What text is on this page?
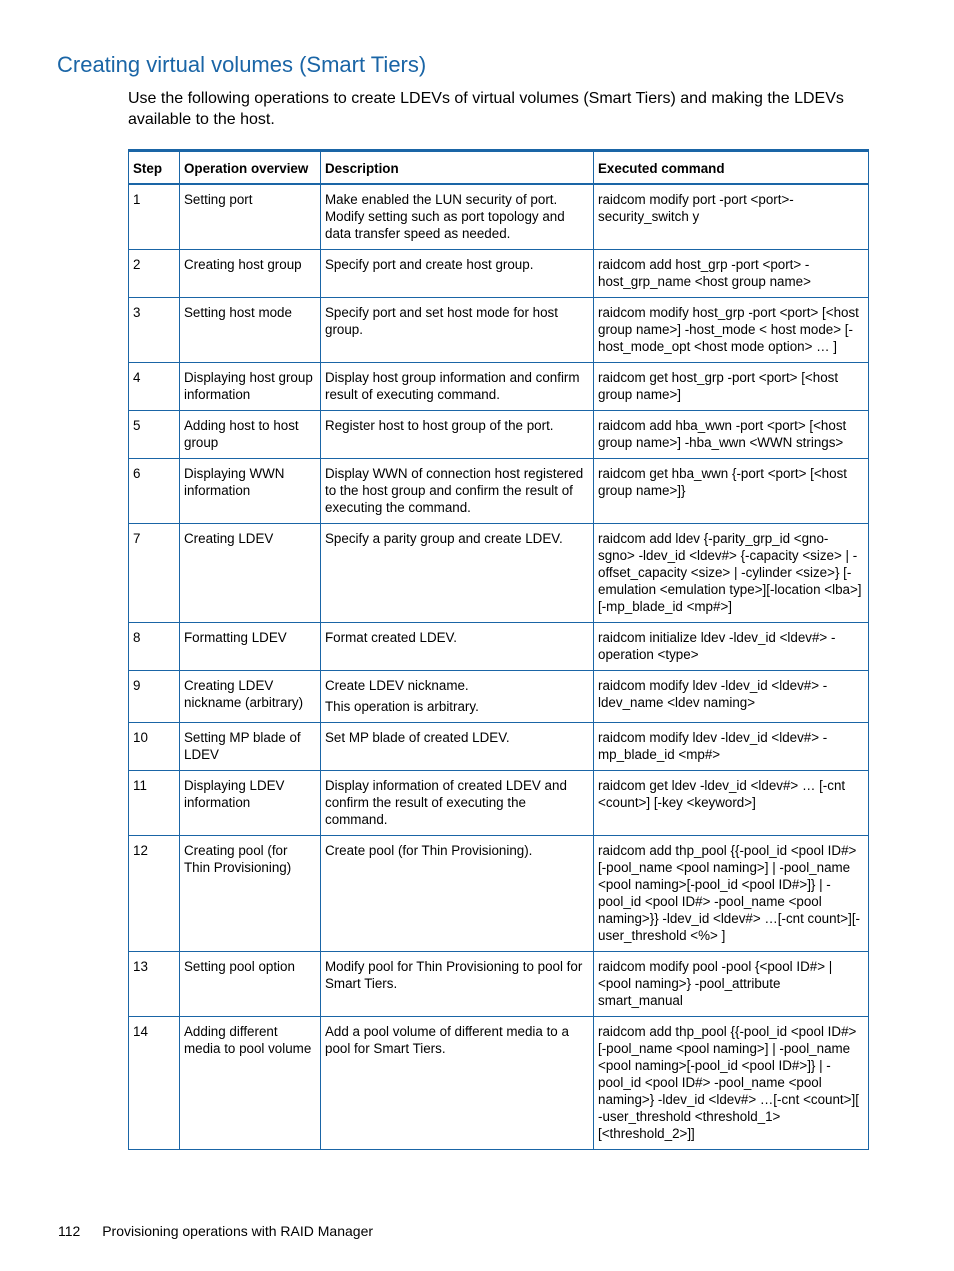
Creating virtual volumes (Smart Tiers)

Use the following operations to create LDEVs of virtual volumes (Smart Tiers) and making the LDEVs available to the host.

Step	Operation overview	Description	Executed command
1	Setting port	Make enabled the LUN security of port. Modify setting such as port topology and data transfer speed as needed.	raidcom modify port -port <port>-security_switch y
2	Creating host group	Specify port and create host group.	raidcom add host_grp -port <port> -host_grp_name <host group name>
3	Setting host mode	Specify port and set host mode for host group.	raidcom modify host_grp -port <port> [<host group name>] -host_mode < host mode> [-host_mode_opt <host mode option> … ]
4	Displaying host group information	Display host group information and confirm result of executing command.	raidcom get host_grp -port <port> [<host group name>]
5	Adding host to host group	Register host to host group of the port.	raidcom add hba_wwn -port <port> [<host group name>] -hba_wwn <WWN strings>
6	Displaying WWN information	Display WWN of connection host registered to the host group and confirm the result of executing the command.	raidcom get hba_wwn {-port <port> [<host group name>]}
7	Creating LDEV	Specify a parity group and create LDEV.	raidcom add ldev {-parity_grp_id <gno-sgno> -ldev_id <ldev#> {-capacity <size> | -offset_capacity <size> | -cylinder <size>} [-emulation <emulation type>][-location <lba>][-mp_blade_id <mp#>]
8	Formatting LDEV	Format created LDEV.	raidcom initialize ldev -ldev_id <ldev#> -operation <type>
9	Creating LDEV nickname (arbitrary)	Create LDEV nickname.
This operation is arbitrary.	raidcom modify ldev -ldev_id <ldev#> -ldev_name <ldev naming>
10	Setting MP blade of LDEV	Set MP blade of created LDEV.	raidcom modify ldev -ldev_id <ldev#> -mp_blade_id <mp#>
11	Displaying LDEV information	Display information of created LDEV and confirm the result of executing the command.	raidcom get ldev -ldev_id <ldev#> … [-cnt <count>] [-key <keyword>]
12	Creating pool (for Thin Provisioning)	Create pool (for Thin Provisioning).	raidcom add thp_pool {{-pool_id <pool ID#> [-pool_name <pool naming>] | -pool_name <pool naming>[-pool_id <pool ID#>]} | -pool_id <pool ID#> -pool_name <pool naming>}} -ldev_id <ldev#> …[-cnt count>][-user_threshold <%> ]
13	Setting pool option	Modify pool for Thin Provisioning to pool for Smart Tiers.	raidcom modify pool -pool {<pool ID#> | <pool naming>} -pool_attribute smart_manual
14	Adding different media to pool volume	Add a pool volume of different media to a pool for Smart Tiers.	raidcom add thp_pool {{-pool_id <pool ID#> [-pool_name <pool naming>] | -pool_name <pool naming>[-pool_id <pool ID#>]} | -pool_id <pool ID#> -pool_name <pool naming>} -ldev_id <ldev#> …[-cnt <count>][ -user_threshold <threshold_1> [<threshold_2>]]
112 Provisioning operations with RAID Manager
